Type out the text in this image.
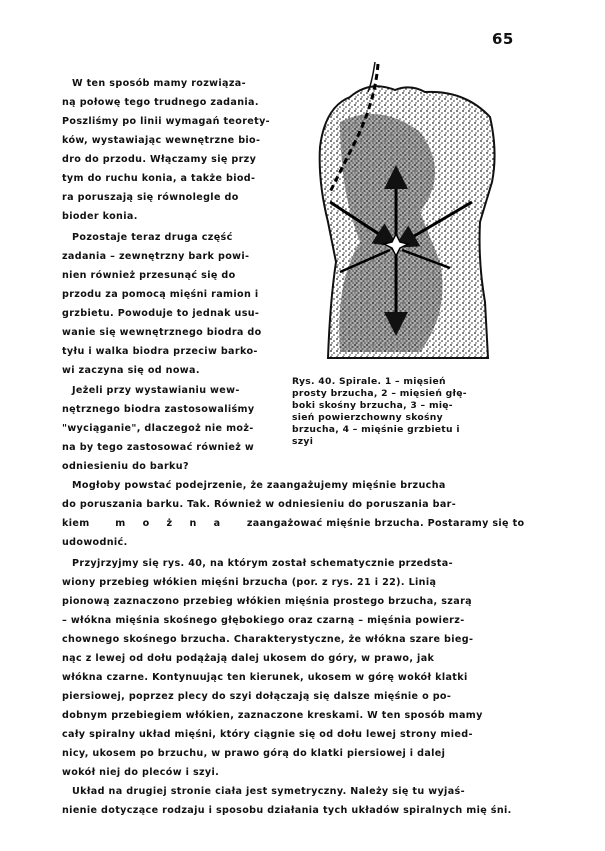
65
W ten sposób mamy rozwiąza-
ną połowę tego trudnego zadania.
Poszliśmy po linii wymagań teorety-
ków, wystawiając wewnętrzne bio-
dro do przodu. Włączamy się przy
tym do ruchu konia, a także biod-
ra poruszają się równolegle do
bioder konia.
Pozostaje teraz druga część
zadania – zewnętrzny bark powi-
nien również przesunąć się do
przodu za pomocą mięśni ramion i
grzbietu. Powoduje to jednak usu-
wanie się wewnętrznego biodra do
tyłu i walka biodra przeciw barko-
wi zaczyna się od nowa.
Jeżeli przy wystawianiu wew-
nętrznego biodra zastosowaliśmy
"wyciąganie", dlaczegoż nie moż-
na by tego zastosować również w
odniesieniu do barku?
Rys. 40. Spirale. 1 – mięsień
prosty brzucha, 2 – mięsień głę-
boki skośny brzucha, 3 – mię-
sień powierzchowny skośny
brzucha, 4 – mięśnie grzbietu i
szyi
Mogłoby powstać podejrzenie, że zaangażujemy mięśnie brzucha
do poruszania barku. Tak. Również w odniesieniu do poruszania bar-
kiem	m o ż n a zaangażować mięśnie brzucha. Postaramy się to
udowodnić.
Przyjrzyjmy się rys. 40, na którym został schematycznie przedsta-
wiony przebieg włókien mięśni brzucha (por. z rys. 21 i 22). Linią
pionową zaznaczono przebieg włókien mięśnia prostego brzucha, szarą
– włókna mięśnia skośnego głębokiego oraz czarną – mięśnia powierz-
chownego skośnego brzucha. Charakterystyczne, że włókna szare bieg-
nąc z lewej od dołu podążają dalej ukosem do góry, w prawo, jak
włókna czarne. Kontynuując ten kierunek, ukosem w górę wokół klatki
piersiowej, poprzez plecy do szyi dołączają się dalsze mięśnie o po-
dobnym przebiegiem włókien, zaznaczone kreskami. W ten sposób mamy
cały spiralny układ mięśni, który ciągnie się od dołu lewej strony mied-
nicy, ukosem po brzuchu, w prawo górą do klatki piersiowej i dalej
wokół niej do pleców i szyi.
Układ na drugiej stronie ciała jest symetryczny. Należy się tu wyjaś-
nienie dotyczące rodzaju i sposobu działania tych układów spiralnych mię śni.
